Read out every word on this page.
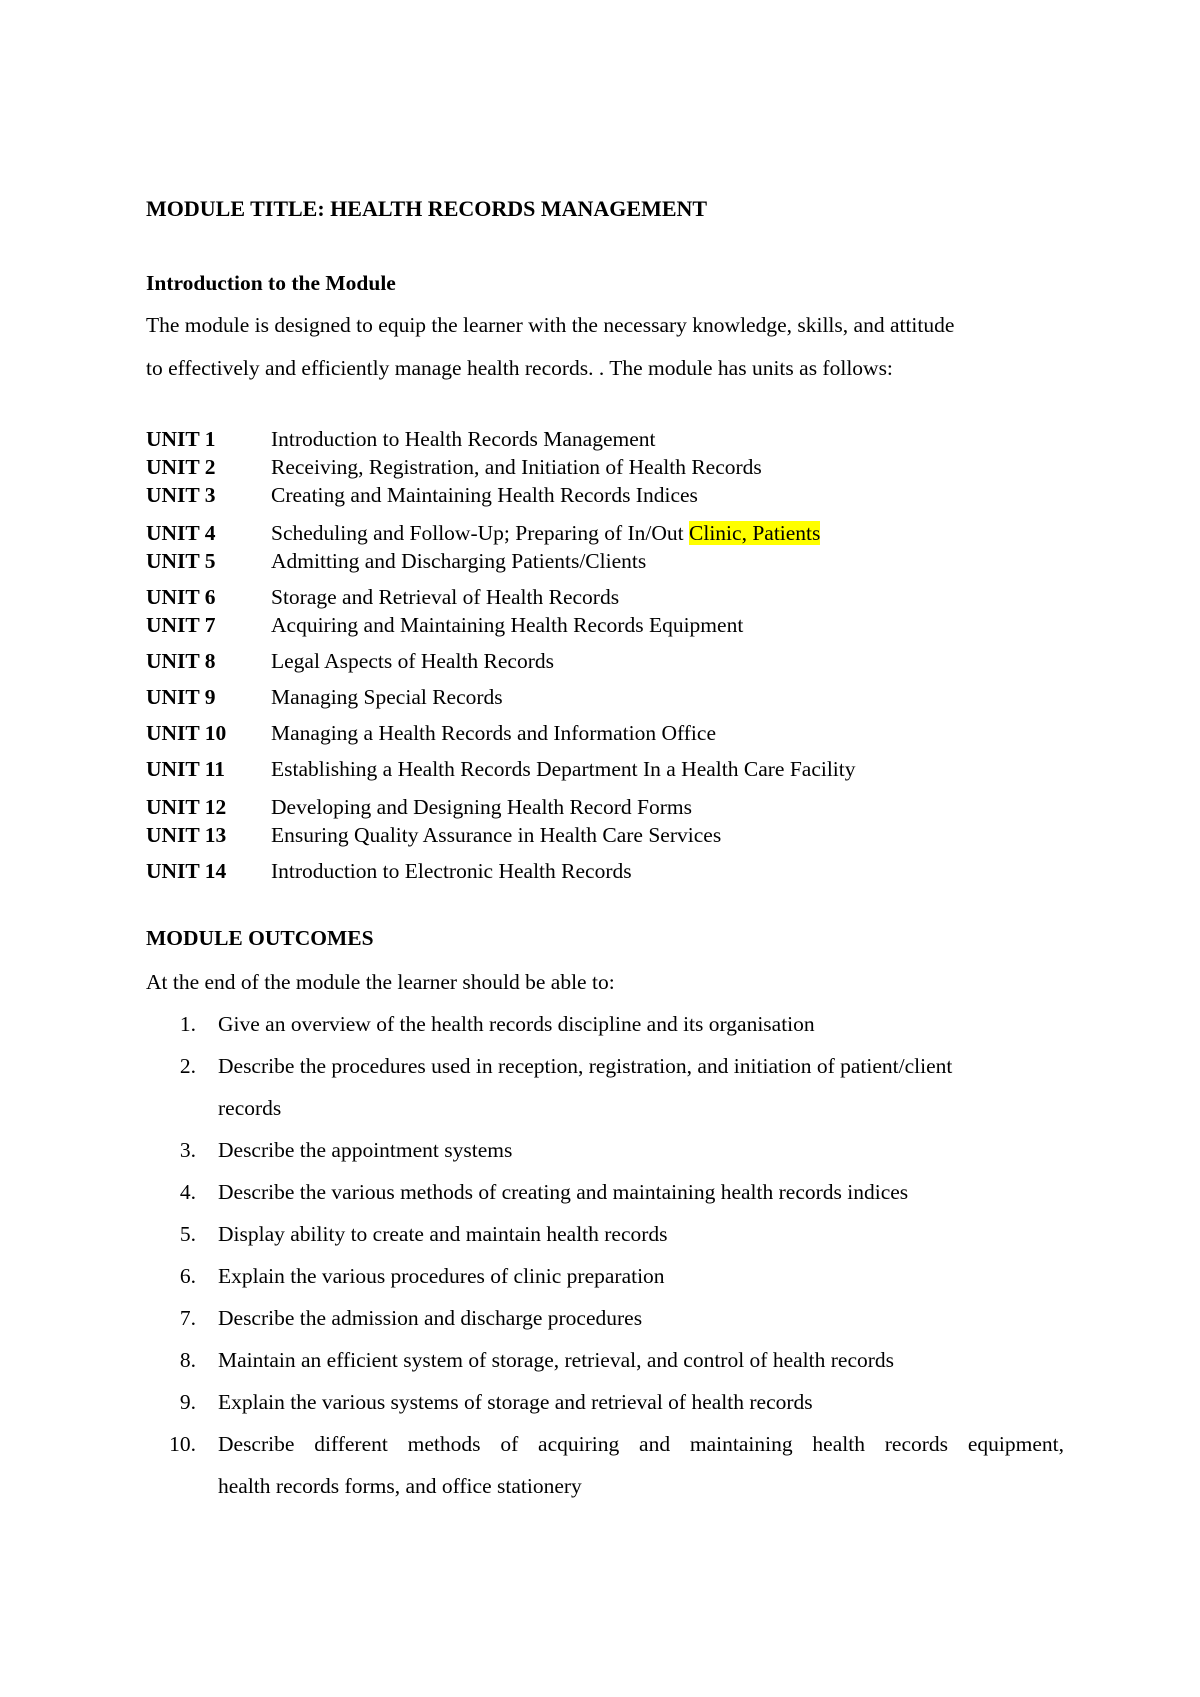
MODULE TITLE: HEALTH RECORDS MANAGEMENT
Introduction to the Module
The module is designed to equip the learner with the necessary knowledge, skills, and attitude
to effectively and efficiently manage health records. . The module has units as follows:
UNIT 1	Introduction to Health Records Management
UNIT 2	Receiving, Registration, and Initiation of Health Records
UNIT 3	Creating and Maintaining Health Records Indices
UNIT 4	Scheduling and Follow-Up; Preparing of In/Out Clinic, Patients
UNIT 5	Admitting and Discharging Patients/Clients
UNIT 6	Storage and Retrieval of Health Records
UNIT 7	Acquiring and Maintaining Health Records Equipment
UNIT 8	Legal Aspects of Health Records
UNIT 9	Managing Special Records
UNIT 10 Managing a Health Records and Information Office
UNIT 11 Establishing a Health Records Department In a Health Care Facility
UNIT 12 Developing and Designing Health Record Forms
UNIT 13 Ensuring Quality Assurance in Health Care Services
UNIT 14 Introduction to Electronic Health Records
MODULE OUTCOMES
At the end of the module the learner should be able to:
1. Give an overview of the health records discipline and its organisation
2. Describe the procedures used in reception, registration, and initiation of patient/client
records
3. Describe the appointment systems
4. Describe the various methods of creating and maintaining health records indices
5. Display ability to create and maintain health records
6. Explain the various procedures of clinic preparation
7. Describe the admission and discharge procedures
8. Maintain an efficient system of storage, retrieval, and control of health records
9. Explain the various systems of storage and retrieval of health records
10. Describe different methods of acquiring and maintaining health records equipment,
health records forms, and office stationery
